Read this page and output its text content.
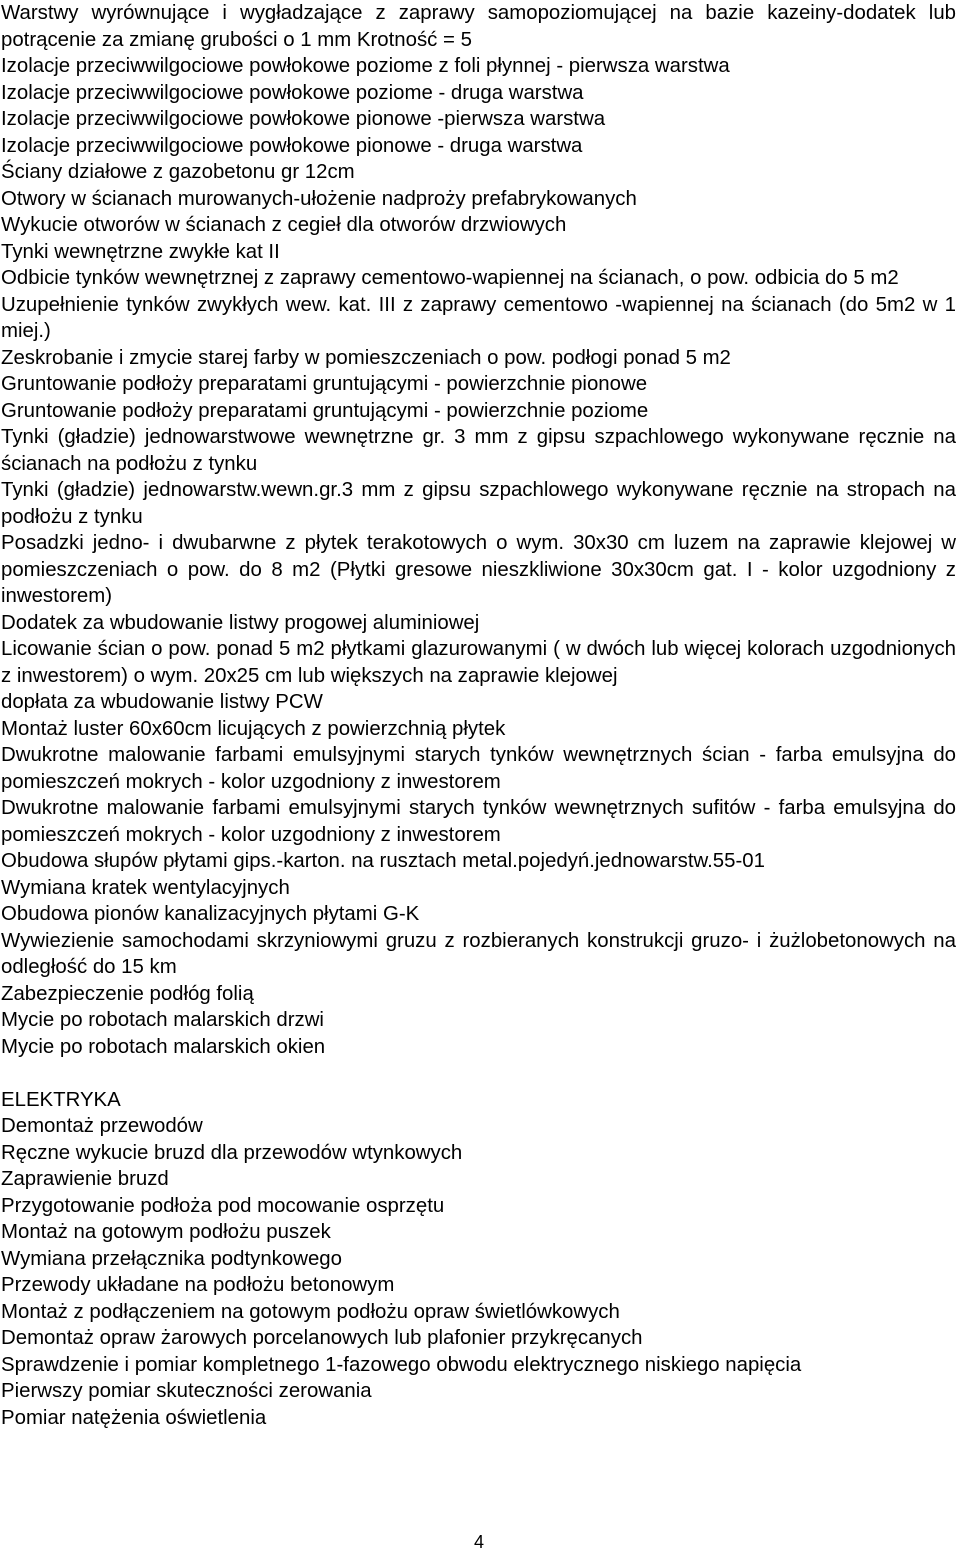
Warstwy wyrównujące i wygładzające z zaprawy samopoziomującej na bazie kazeiny-dodatek lub potrącenie za zmianę grubości o 1 mm Krotność = 5

Izolacje przeciwwilgociowe powłokowe poziome z foli płynnej - pierwsza warstwa

Izolacje przeciwwilgociowe powłokowe poziome - druga warstwa

Izolacje przeciwwilgociowe powłokowe pionowe -pierwsza warstwa

Izolacje przeciwwilgociowe powłokowe pionowe - druga warstwa

Ściany działowe z gazobetonu gr 12cm

Otwory w ścianach murowanych-ułożenie nadproży prefabrykowanych

Wykucie otworów w ścianach z cegieł dla otworów drzwiowych

Tynki wewnętrzne zwykłe kat II

Odbicie tynków wewnętrznej z zaprawy cementowo-wapiennej na ścianach, o pow. odbicia do 5 m2

Uzupełnienie tynków zwykłych wew. kat. III z zaprawy cementowo -wapiennej na ścianach (do 5m2 w 1 miej.)

Zeskrobanie i zmycie starej farby w pomieszczeniach o pow. podłogi ponad 5 m2

Gruntowanie podłoży preparatami gruntującymi - powierzchnie pionowe

Gruntowanie podłoży preparatami gruntującymi - powierzchnie poziome

Tynki (gładzie) jednowarstwowe wewnętrzne gr. 3 mm z gipsu szpachlowego wykonywane ręcznie na ścianach na podłożu z tynku

Tynki (gładzie) jednowarstw.wewn.gr.3 mm z gipsu szpachlowego wykonywane ręcznie na stropach na podłożu z tynku

Posadzki jedno- i dwubarwne z płytek terakotowych o wym. 30x30 cm luzem na zaprawie klejowej w pomieszczeniach o pow. do 8 m2 (Płytki gresowe nieszkliwione 30x30cm gat. I - kolor uzgodniony z inwestorem)

Dodatek za wbudowanie listwy progowej aluminiowej

Licowanie ścian o pow. ponad 5 m2 płytkami glazurowanymi ( w dwóch lub więcej kolorach uzgodnionych z inwestorem) o wym. 20x25 cm lub większych na zaprawie klejowej

dopłata za wbudowanie listwy PCW

Montaż luster 60x60cm licujących z powierzchnią płytek

Dwukrotne malowanie farbami emulsyjnymi starych tynków wewnętrznych ścian - farba emulsyjna do pomieszczeń mokrych - kolor uzgodniony z inwestorem

Dwukrotne malowanie farbami emulsyjnymi starych tynków wewnętrznych sufitów - farba emulsyjna do pomieszczeń mokrych - kolor uzgodniony z inwestorem

Obudowa słupów płytami gips.-karton. na rusztach metal.pojedyń.jednowarstw.55-01

Wymiana kratek wentylacyjnych

Obudowa pionów kanalizacyjnych płytami G-K

Wywiezienie samochodami skrzyniowymi gruzu z rozbieranych konstrukcji gruzo- i żużlobetonowych na odległość do 15 km

Zabezpieczenie podłóg folią

Mycie po robotach malarskich drzwi

Mycie po robotach malarskich okien

ELEKTRYKA

Demontaż przewodów

Ręczne wykucie bruzd dla przewodów wtynkowych

Zaprawienie bruzd

Przygotowanie podłoża pod mocowanie osprzętu

Montaż na gotowym podłożu puszek

Wymiana przełącznika podtynkowego

Przewody układane na podłożu betonowym

Montaż z podłączeniem na gotowym podłożu opraw świetlówkowych

Demontaż opraw żarowych porcelanowych lub plafonier przykręcanych

Sprawdzenie i pomiar kompletnego 1-fazowego obwodu elektrycznego niskiego napięcia

Pierwszy pomiar skuteczności zerowania

Pomiar natężenia oświetlenia

4
